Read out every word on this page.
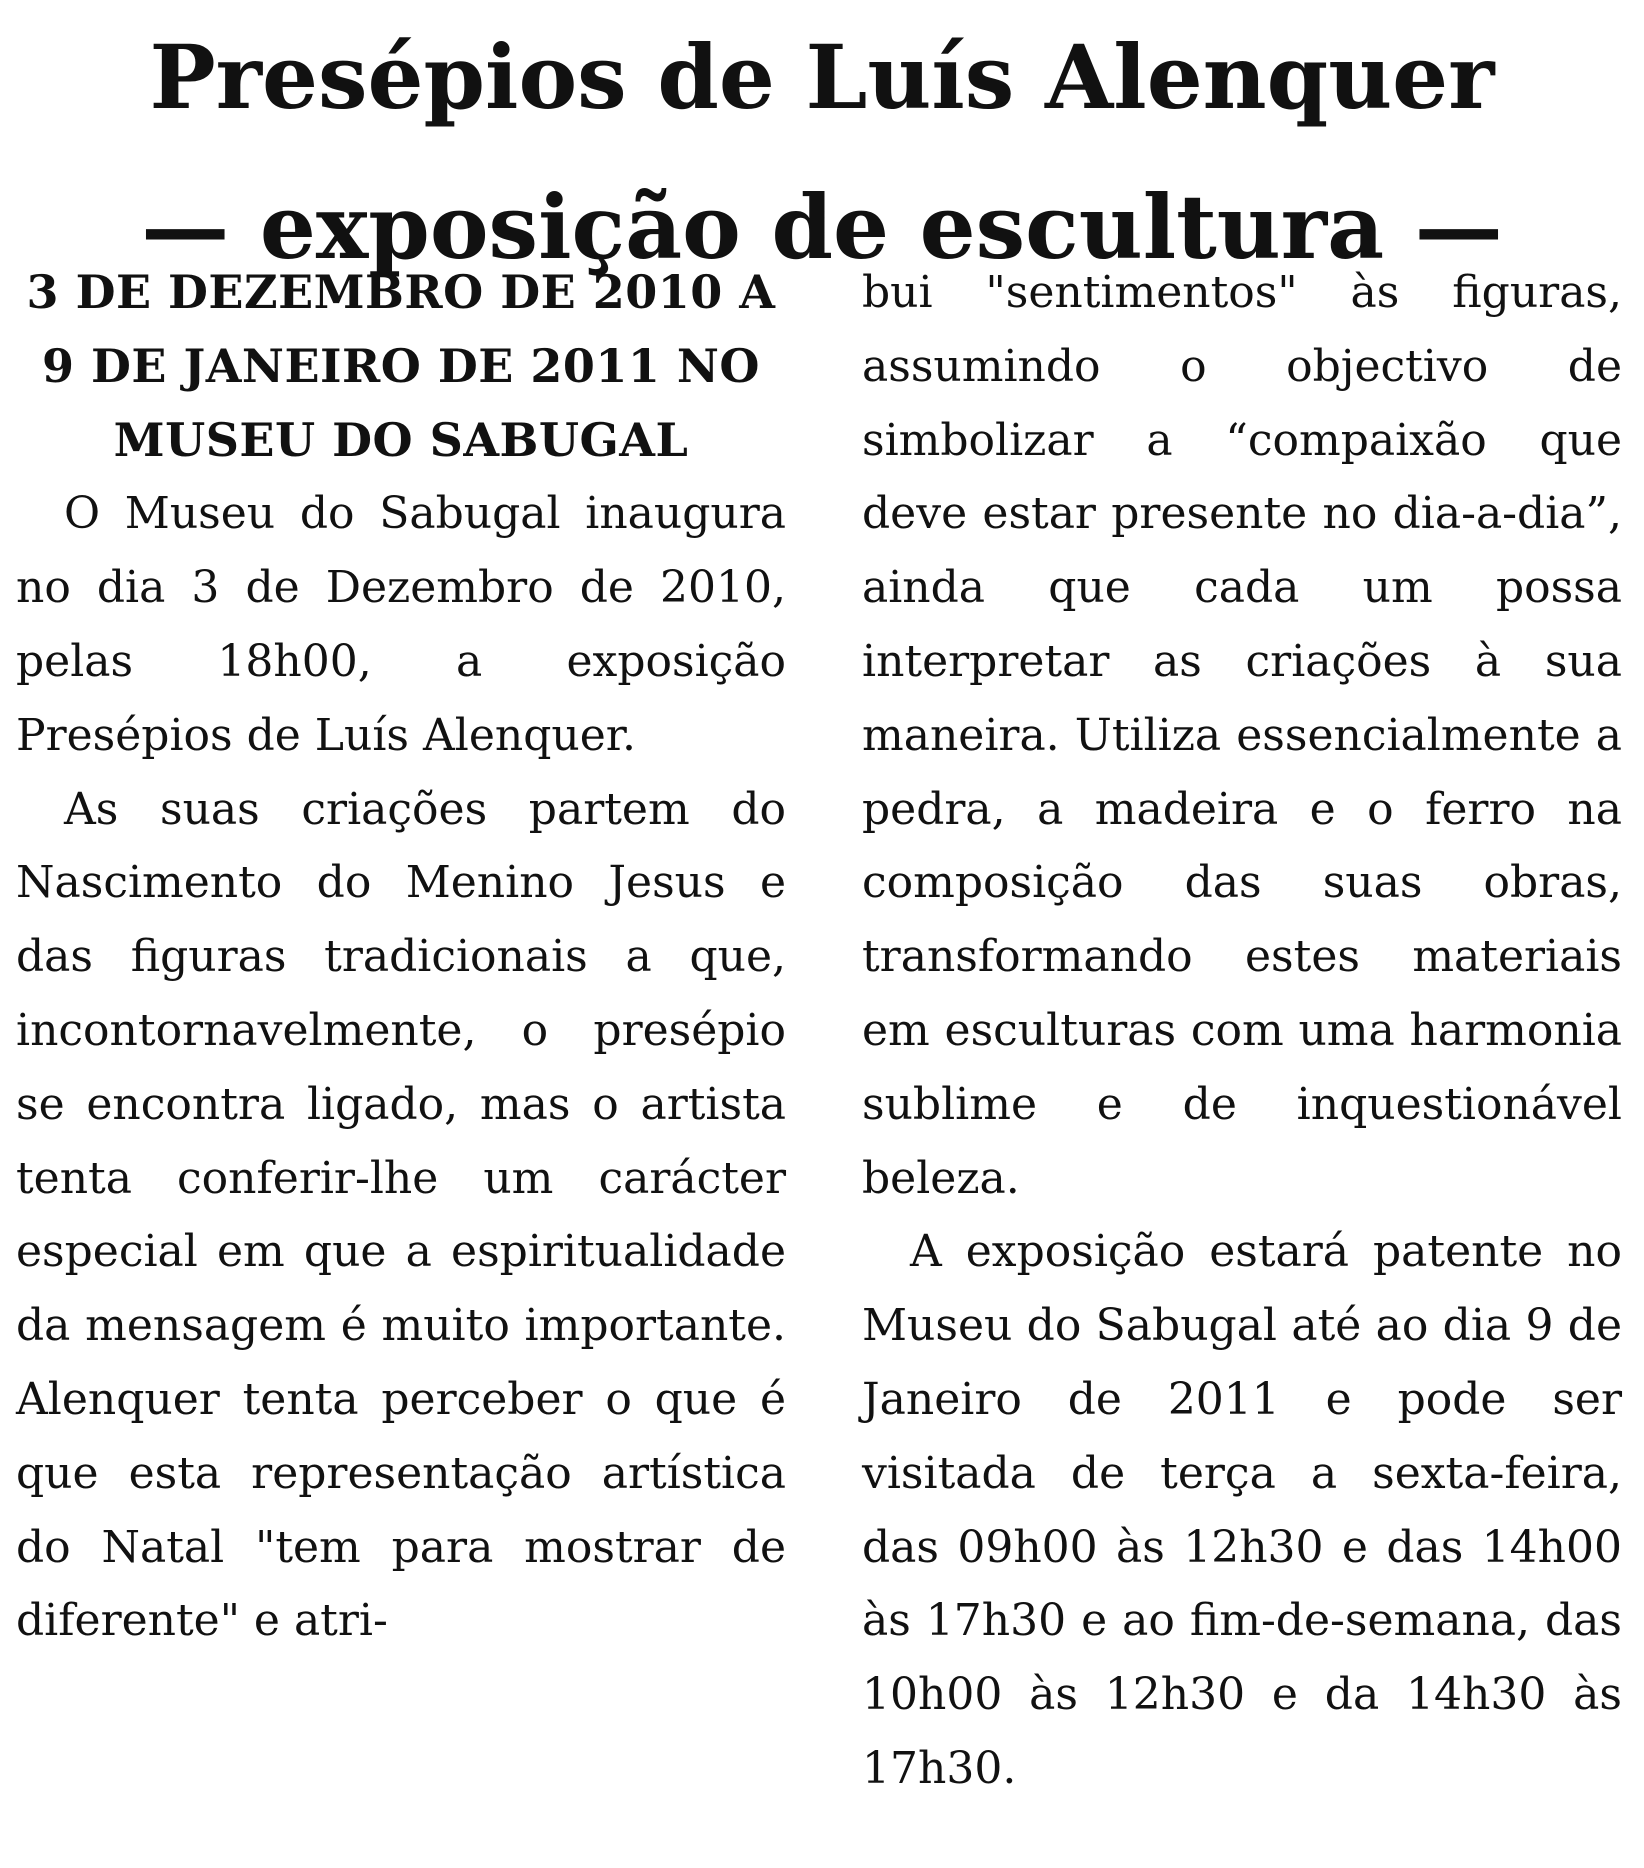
Presépios de Luís Alenquer
— exposição de escultura —

3 DE DEZEMBRO DE 2010 A 9 DE JANEIRO DE 2011 NO MUSEU DO SABUGAL

O Museu do Sabugal inaugura no dia 3 de Dezembro de 2010, pelas 18h00, a exposição Presépios de Luís Alenquer.

As suas criações partem do Nascimento do Menino Jesus e das figuras tradicionais a que, incontornavelmente, o presépio se encontra ligado, mas o artista tenta conferir-lhe um carácter especial em que a espiritualidade da mensagem é muito importante. Alenquer tenta perceber o que é que esta representação artística do Natal "tem para mostrar de diferente" e atri-

bui "sentimentos" às figuras, assumindo o objectivo de simbolizar a “compaixão que deve estar presente no dia-a-dia”, ainda que cada um possa interpretar as criações à sua maneira. Utiliza essencialmente a pedra, a madeira e o ferro na composição das suas obras, transformando estes materiais em esculturas com uma harmonia sublime e de inquestionável beleza.

A exposição estará patente no Museu do Sabugal até ao dia 9 de Janeiro de 2011 e pode ser visitada de terça a sexta-feira, das 09h00 às 12h30 e das 14h00 às 17h30 e ao fim-de-semana, das 10h00 às 12h30 e da 14h30 às 17h30.
